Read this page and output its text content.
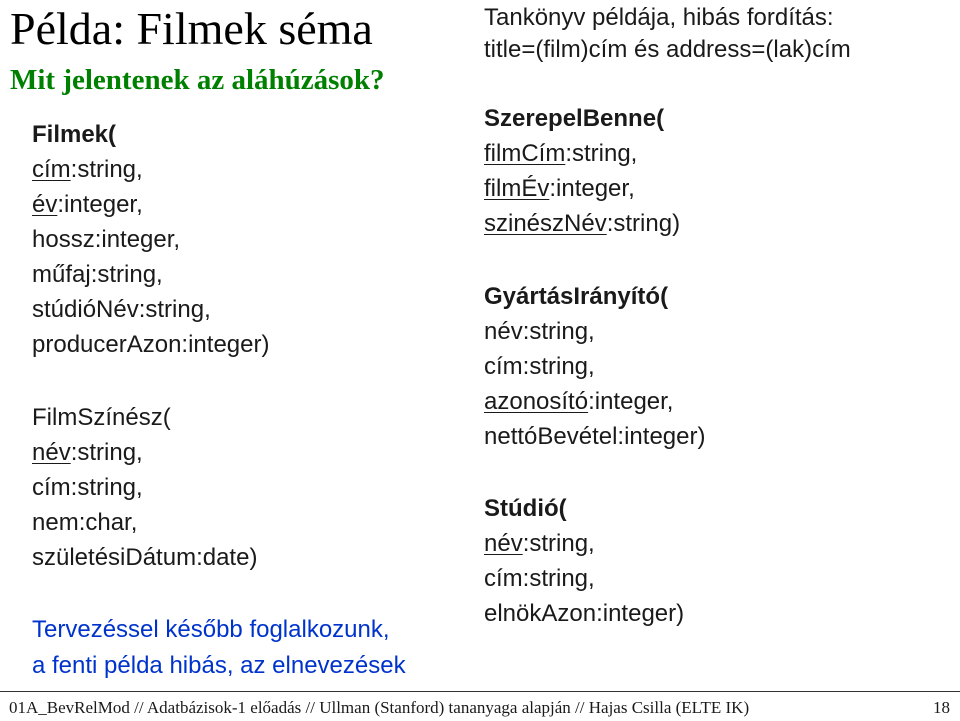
Példa: Filmek séma
Mit jelentenek az aláhúzások?
Tankönyv példája, hibás fordítás:
title=(film)cím és address=(lak)cím
Filmek(
cím:string,
év:integer,
hossz:integer,
műfaj:string,
stúdióNév:string,
producerAzon:integer)
FilmSzínész(
név:string,
cím:string,
nem:char,
születésiDátum:date)
SzerepelBenne(
filmCím:string,
filmÉv:integer,
szinészNév:string)
GyártásIrányító(
név:string,
cím:string,
azonosító:integer,
nettóBevétel:integer)
Stúdió(
név:string,
cím:string,
elnökAzon:integer)
Tervezéssel később foglalkozunk,
a fenti példa hibás, az elnevezések
01A_BevRelMod // Adatbázisok-1 előadás // Ullman (Stanford) tananyaga alapján // Hajas Csilla (ELTE IK)	18
